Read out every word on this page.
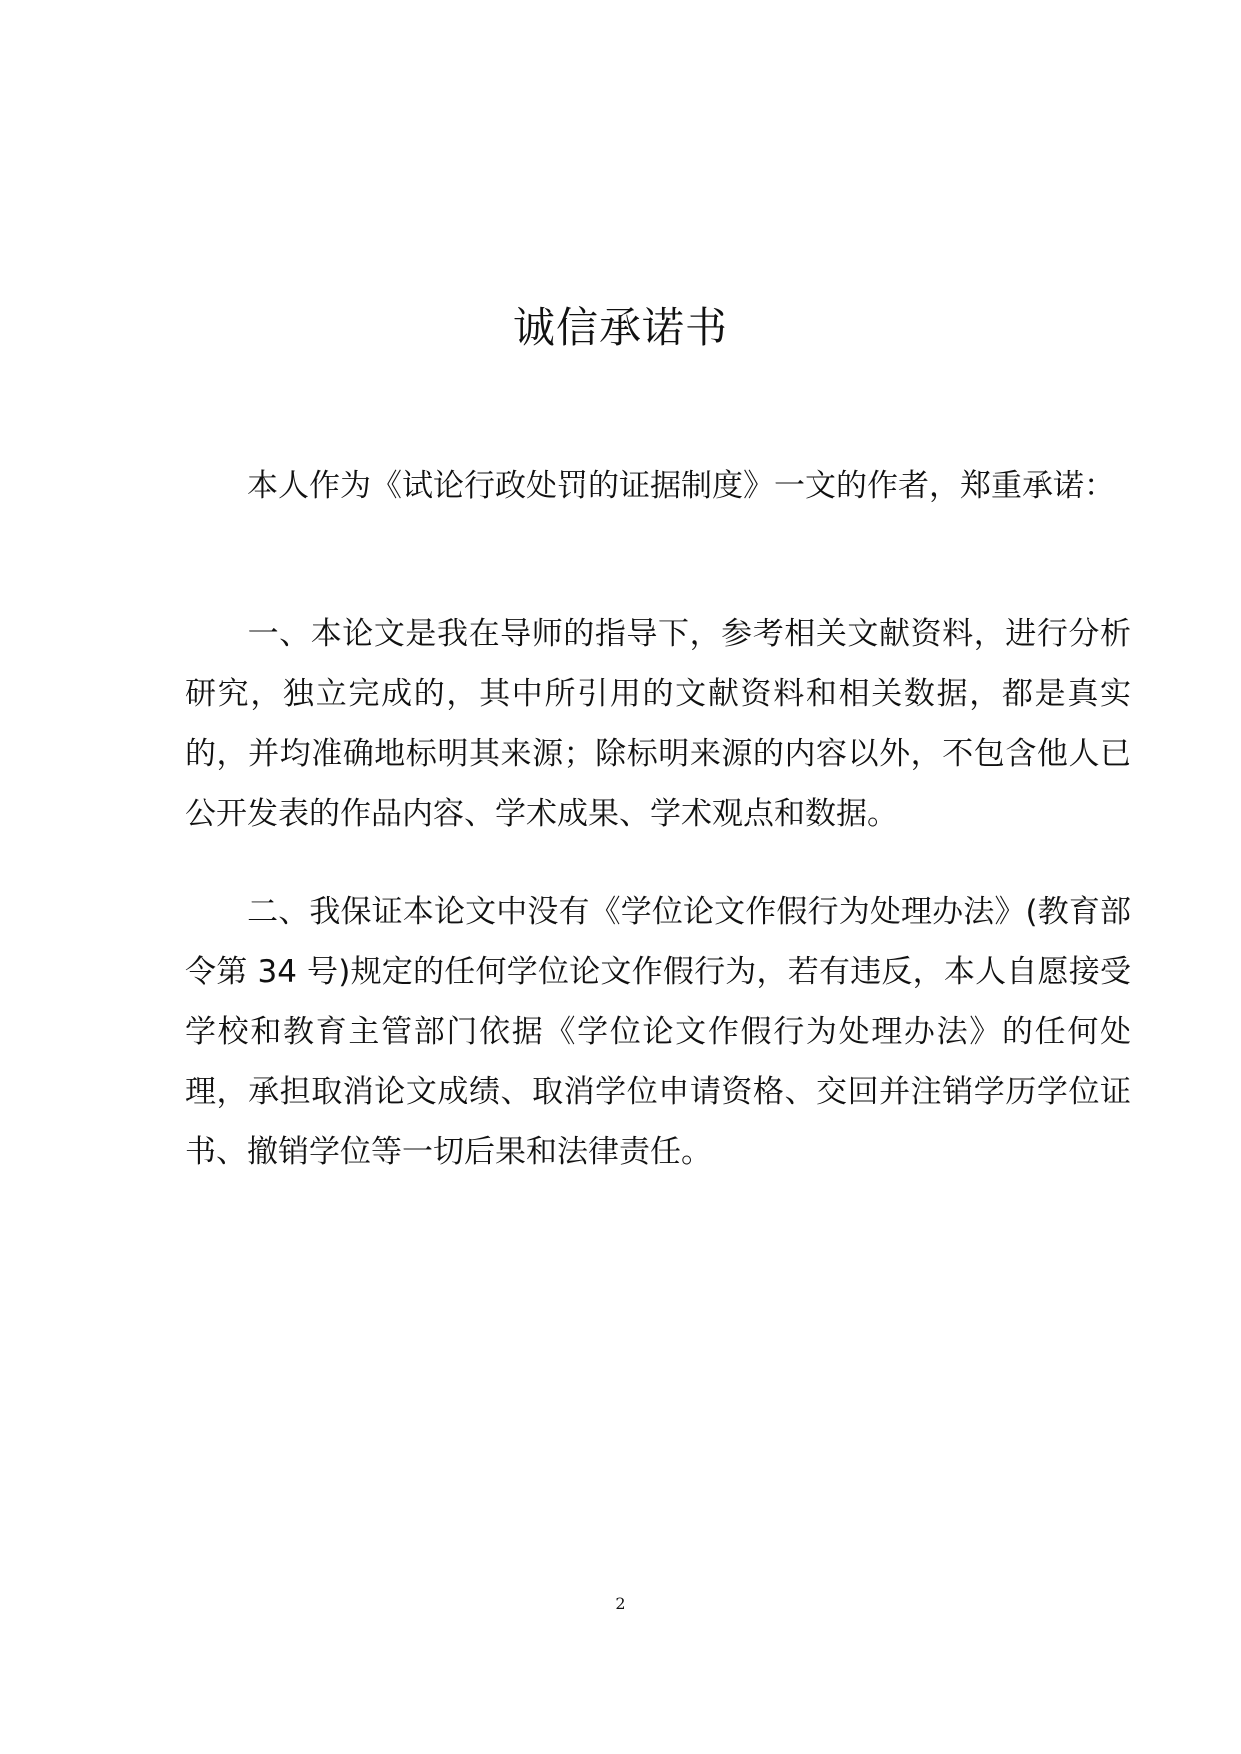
诚信承诺书

本人作为《试论行政处罚的证据制度》一文的作者，郑重承诺：

一、本论文是我在导师的指导下，参考相关文献资料，进行分析研究，独立完成的，其中所引用的文献资料和相关数据，都是真实的，并均准确地标明其来源；除标明来源的内容以外，不包含他人已公开发表的作品内容、学术成果、学术观点和数据。

二、我保证本论文中没有《学位论文作假行为处理办法》(教育部令第 34 号)规定的任何学位论文作假行为，若有违反，本人自愿接受学校和教育主管部门依据《学位论文作假行为处理办法》的任何处理，承担取消论文成绩、取消学位申请资格、交回并注销学历学位证书、撤销学位等一切后果和法律责任。

2
